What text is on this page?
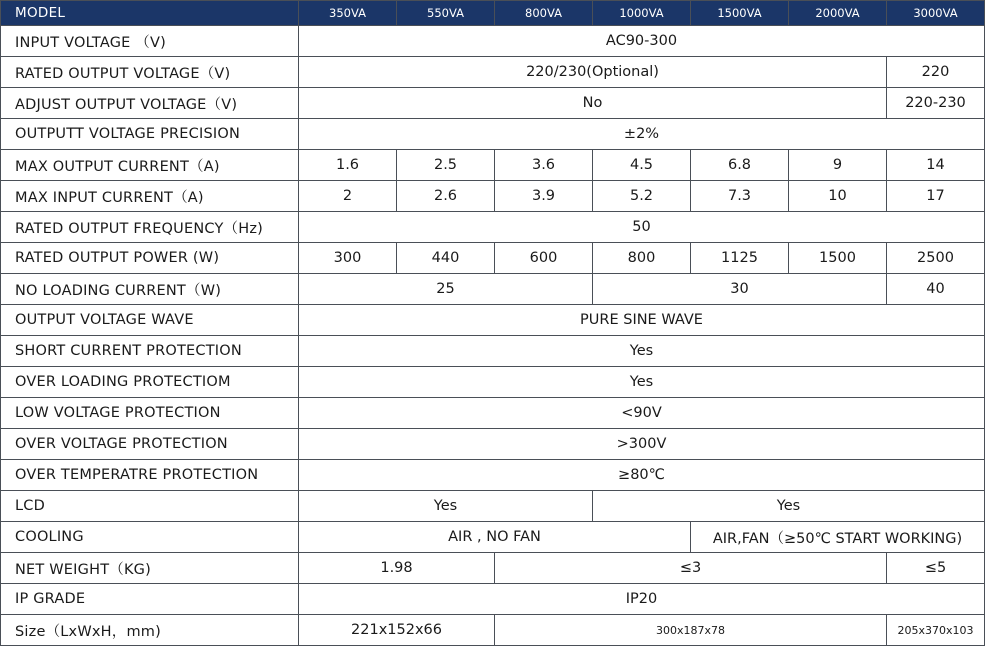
MODEL	350VA	550VA	800VA	1000VA	1500VA	2000VA	3000VA
INPUT VOLTAGE （V)	AC90-300						
RATED OUTPUT VOLTAGE（V)	220/230(Optional)						220
ADJUST OUTPUT VOLTAGE（V)	No						220-230
OUTPUTT VOLTAGE PRECISION	±2%						
MAX OUTPUT CURRENT（A)	1.6	2.5	3.6	4.5	6.8	9	14
MAX INPUT CURRENT（A)	2	2.6	3.9	5.2	7.3	10	17
RATED OUTPUT FREQUENCY（Hz)	50						
RATED OUTPUT POWER (W)	300	440	600	800	1125	1500	2500
NO LOADING CURRENT（W)	25			30			40
OUTPUT VOLTAGE WAVE	PURE SINE WAVE						
SHORT CURRENT PROTECTION	Yes						
OVER LOADING PROTECTIOM	Yes						
LOW VOLTAGE PROTECTION	<90V						
OVER VOLTAGE PROTECTION	>300V						
OVER TEMPERATRE PROTECTION	≥80℃						
LCD	Yes			Yes			
COOLING	AIR , NO FAN				AIR,FAN（≥50℃ START WORKING)		
NET WEIGHT（KG)	1.98		≤3				≤5
IP GRADE	IP20						
Size（LxWxH，mm)	221x152x66		300x187x78				205x370x103
